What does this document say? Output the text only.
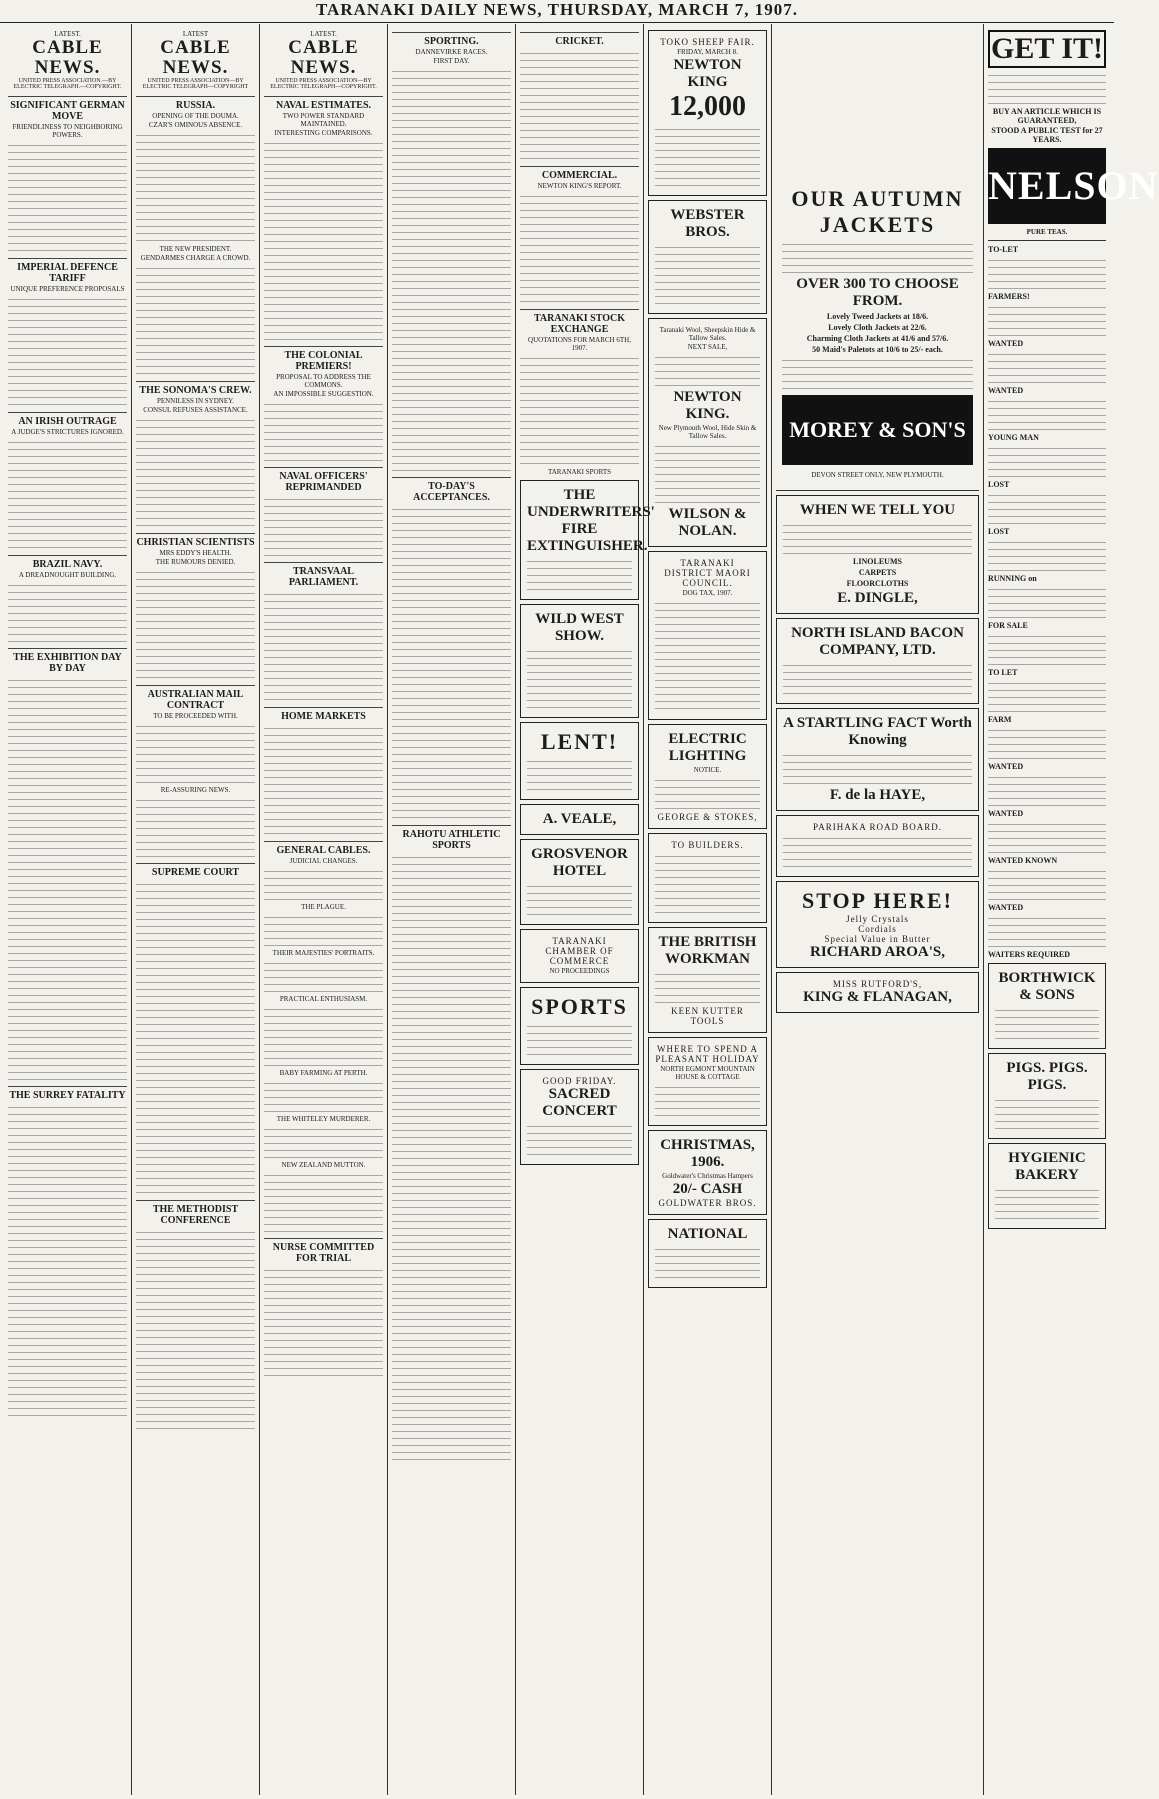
TARANAKI DAILY NEWS, THURSDAY, MARCH 7, 1907.
LATEST.
CABLE NEWS.
UNITED PRESS ASSOCIATION.—BY ELECTRIC TELEGRAPH.—COPYRIGHT.
SIGNIFICANT GERMAN MOVE
FRIENDLINESS TO NEIGHBORING POWERS.
IMPERIAL DEFENCE TARIFF
UNIQUE PREFERENCE PROPOSALS
AN IRISH OUTRAGE
A JUDGE'S STRICTURES IGNORED.
BRAZIL NAVY.
A DREADNOUGHT BUILDING.
THE EXHIBITION DAY BY DAY
THE SURREY FATALITY
LATEST
CABLE NEWS.
UNITED PRESS ASSOCIATION—BY ELECTRIC TELEGRAPH—COPYRIGHT
RUSSIA.
OPENING OF THE DOUMA.
CZAR'S OMINOUS ABSENCE.
THE NEW PRESIDENT.
GENDARMES CHARGE A CROWD.
THE SONOMA'S CREW.
PENNILESS IN SYDNEY.
CONSUL REFUSES ASSISTANCE.
CHRISTIAN SCIENTISTS
MRS EDDY'S HEALTH.
THE RUMOURS DENIED.
AUSTRALIAN MAIL CONTRACT
TO BE PROCEEDED WITH.
RE-ASSURING NEWS.
SUPREME COURT
THE METHODIST CONFERENCE
LATEST.
CABLE NEWS.
UNITED PRESS ASSOCIATION—BY ELECTRIC TELEGRAPH—COPYRIGHT.
NAVAL ESTIMATES.
TWO POWER STANDARD MAINTAINED.
INTERESTING COMPARISONS.
THE COLONIAL PREMIERS!
PROPOSAL TO ADDRESS THE COMMONS.
AN IMPOSSIBLE SUGGESTION.
NAVAL OFFICERS' REPRIMANDED
TRANSVAAL PARLIAMENT.
HOME MARKETS
GENERAL CABLES.
JUDICIAL CHANGES.
THE PLAGUE.
THEIR MAJESTIES' PORTRAITS.
PRACTICAL ENTHUSIASM.
BABY FARMING AT PERTH.
THE WHITELEY MURDERER.
NEW ZEALAND MUTTON.
NURSE COMMITTED FOR TRIAL
SPORTING.
DANNEVIRKE RACES.
FIRST DAY.
TO-DAY'S ACCEPTANCES.
RAHOTU ATHLETIC SPORTS
CRICKET.
COMMERCIAL.
NEWTON KING'S REPORT.
TARANAKI STOCK EXCHANGE
QUOTATIONS FOR MARCH 6TH, 1907.
TARANAKI SPORTS
THE UNDERWRITERS' FIRE EXTINGUISHER.
WILD WEST SHOW.
LENT!
A. VEALE,
GROSVENOR HOTEL
TARANAKI CHAMBER OF COMMERCE
NO PROCEEDINGS
SPORTS
GOOD FRIDAY.
SACRED CONCERT
TOKO SHEEP FAIR.
FRIDAY, MARCH 8.
NEWTON KING
12,000
WEBSTER BROS.
Taranaki Wool, Sheepskin Hide & Tallow Sales.
NEXT SALE,
NEWTON KING.
New Plymouth Wool, Hide Skin & Tallow Sales.
WILSON & NOLAN.
TARANAKI DISTRICT MAORI COUNCIL.
DOG TAX, 1907.
ELECTRIC LIGHTING
NOTICE.
GEORGE & STOKES,
TO BUILDERS.
THE BRITISH WORKMAN
KEEN KUTTER TOOLS
WHERE TO SPEND A PLEASANT HOLIDAY
NORTH EGMONT MOUNTAIN HOUSE & COTTAGE
CHRISTMAS, 1906.
Goldwater's Christmas Hampers
20/- CASH
GOLDWATER BROS.
NATIONAL
OUR AUTUMN JACKETS
OVER 300 TO CHOOSE FROM.
Lovely Tweed Jackets at 18/6.
Lovely Cloth Jackets at 22/6.
Charming Cloth Jackets at 41/6 and 57/6.
50 Maid's Paletots at 10/6 to 25/- each.
MOREY & SON'S
DEVON STREET ONLY, NEW PLYMOUTH.
WHEN WE TELL YOU
LINOLEUMS
CARPETS
FLOORCLOTHS
E. DINGLE,
NORTH ISLAND BACON COMPANY, LTD.
A STARTLING FACT Worth Knowing
F. de la HAYE,
PARIHAKA ROAD BOARD.
STOP HERE!
Jelly Crystals
Cordials
Special Value in Butter
RICHARD AROA'S,
MISS RUTFORD'S,
KING & FLANAGAN,
GET IT!
BUY AN ARTICLE WHICH IS GUARANTEED,
STOOD A PUBLIC TEST for 27 YEARS.
NELSON
PURE TEAS.
TO-LET
FARMERS!
WANTED
WANTED
YOUNG MAN
LOST
LOST
RUNNING on
FOR SALE
TO LET
FARM
WANTED
WANTED
WANTED KNOWN
WANTED
WAITERS REQUIRED
BORTHWICK & SONS
PIGS. PIGS. PIGS.
HYGIENIC BAKERY
